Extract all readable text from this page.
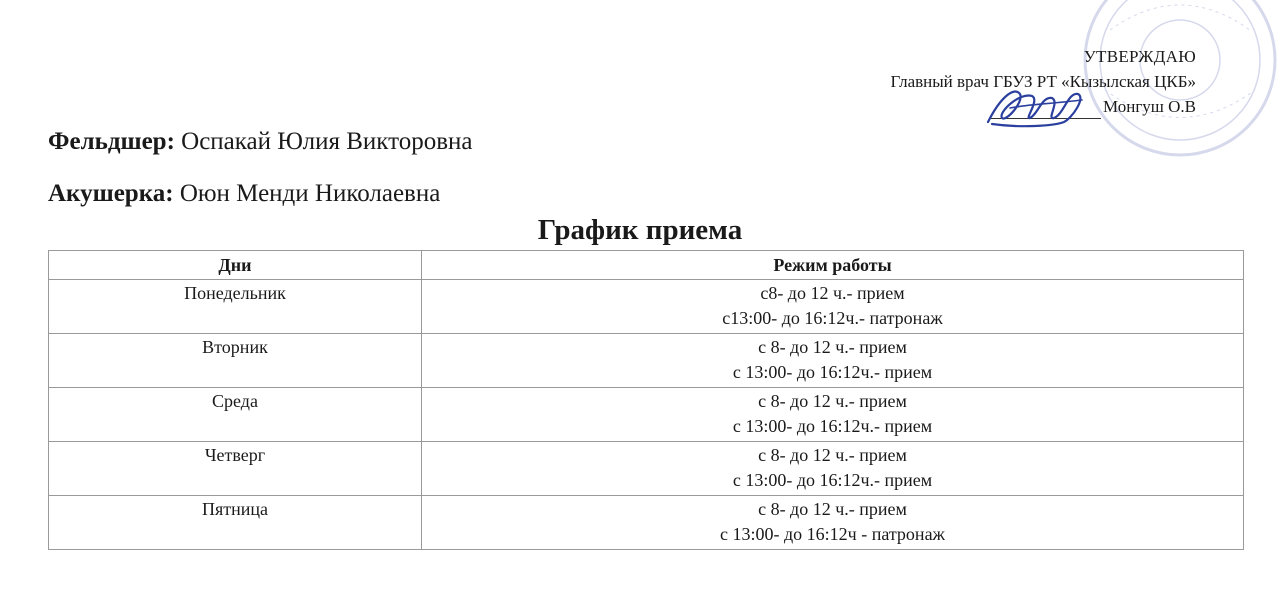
УТВЕРЖДАЮ
Главный врач ГБУЗ РТ «Кызылская ЦКБ»
Монгуш О.В
Фельдшер: Оспакай Юлия Викторовна
Акушерка: Оюн Менди Николаевна
График приема
Дни	Режим работы
Понедельник	с8- до 12 ч.- прием
с13:00- до 16:12ч.- патронаж

Вторник	с 8- до 12 ч.- прием
с 13:00- до 16:12ч.- прием

Среда	с 8- до 12 ч.- прием
с 13:00- до 16:12ч.- прием

Четверг	с 8- до 12 ч.- прием
с 13:00- до 16:12ч.- прием

Пятница	с 8- до 12 ч.- прием
с 13:00- до 16:12ч - патронаж
